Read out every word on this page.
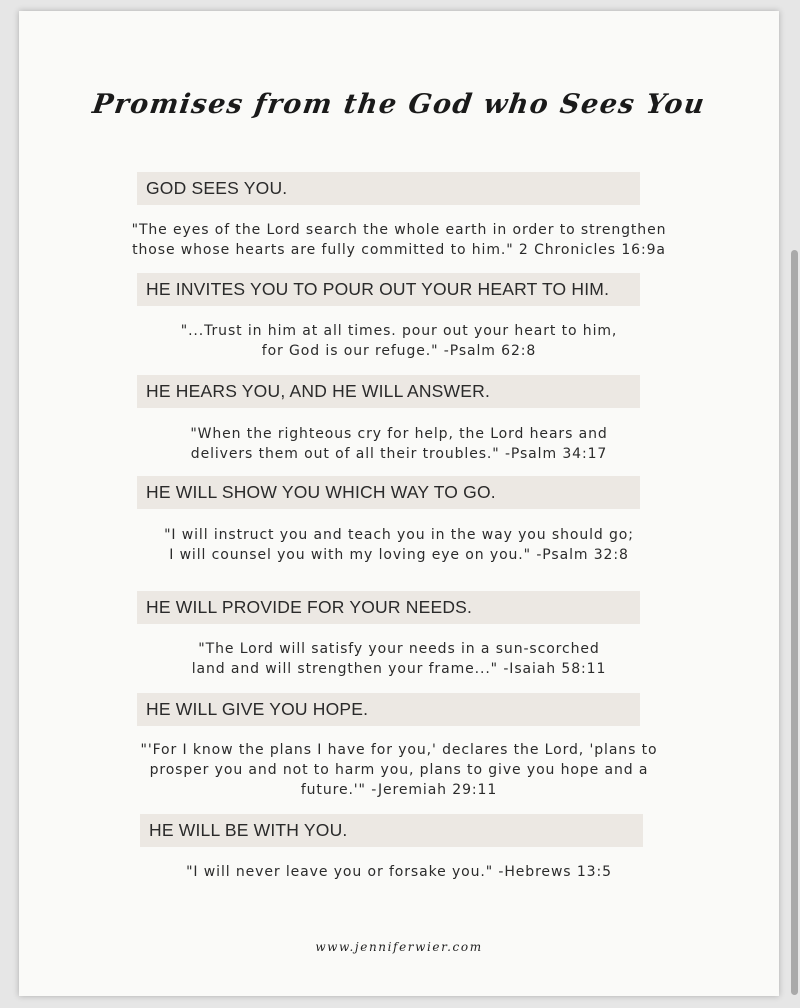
Promises from the God who Sees You
GOD SEES YOU.

"The eyes of the Lord search the whole earth in order to strengthen
those whose hearts are fully committed to him." 2 Chronicles 16:9a

HE INVITES YOU TO POUR OUT YOUR HEART TO HIM.

"...Trust in him at all times. pour out your heart to him,
for God is our refuge." -Psalm 62:8

HE HEARS YOU, AND HE WILL ANSWER.

"When the righteous cry for help, the Lord hears and
delivers them out of all their troubles." -Psalm 34:17

HE WILL SHOW YOU WHICH WAY TO GO.

"I will instruct you and teach you in the way you should go;
I will counsel you with my loving eye on you." -Psalm 32:8

HE WILL PROVIDE FOR YOUR NEEDS.

"The Lord will satisfy your needs in a sun-scorched
land and will strengthen your frame..." -Isaiah 58:11

HE WILL GIVE YOU HOPE.

"'For I know the plans I have for you,' declares the Lord, 'plans to
prosper you and not to harm you, plans to give you hope and a
future.'" -Jeremiah 29:11

HE WILL BE WITH YOU.

"I will never leave you or forsake you." -Hebrews 13:5

www.jenniferwier.com
